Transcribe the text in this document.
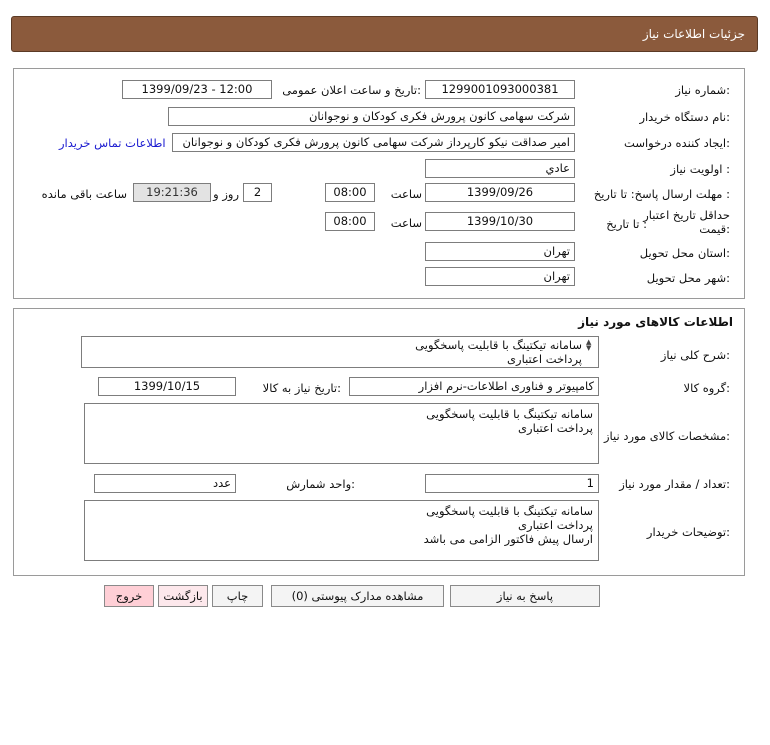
جزئیات اطلاعات نیاز
شماره نیاز:
1299001093000381
تاریخ و ساعت اعلان عمومی:
1399/09/23 - 12:00
نام دستگاه خریدار:
شرکت سهامی کانون پرورش فکری کودکان و نوجوانان
ایجاد کننده درخواست:
امیر صداقت نیکو کارپرداز شرکت سهامی کانون پرورش فکری کودکان و نوجوانان
اطلاعات تماس خریدار
اولویت نیاز :
عادي
مهلت ارسال پاسخ: تا تاریخ :
1399/09/26
ساعت
08:00
2
روز و
19:21:36
ساعت باقی مانده
حداقل تاریخ اعتبار قیمت:
تا تاریخ :
1399/10/30
ساعت
08:00
استان محل تحویل:
تهران
شهر محل تحویل:
تهران
اطلاعات کالاهای مورد نیاز
شرح کلی نیاز:
سامانه تیکتینگ با قابلیت پاسخگویی
پرداخت اعتباری
▲
▼
گروه کالا:
کامپیوتر و فناوری اطلاعات-نرم افزار
تاریخ نیاز به کالا:
1399/10/15
مشخصات کالای مورد نیاز:
سامانه تیکتینگ با قابلیت پاسخگویی
پرداخت اعتباری
تعداد / مقدار مورد نیاز:
1
واحد شمارش:
عدد
توضیحات خریدار:
سامانه تیکتینگ با قابلیت پاسخگویی
پرداخت اعتباری
ارسال پیش فاکتور الزامی می باشد
پاسخ به نیاز
مشاهده مدارک پیوستی (0)
چاپ
بازگشت
خروج
